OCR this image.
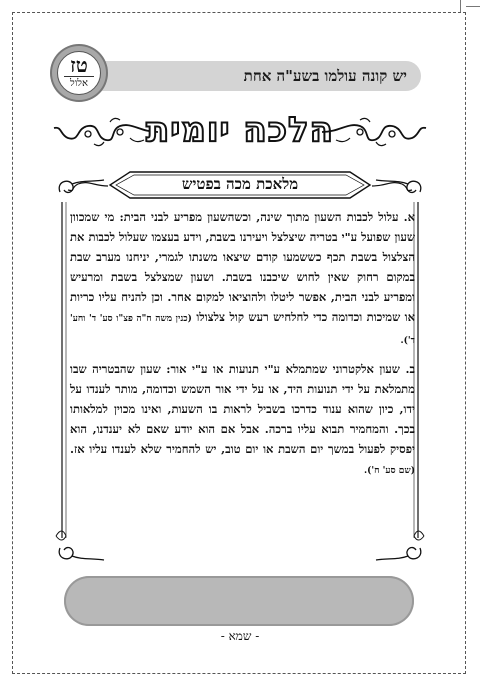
יש קונה עולמו בשע"ה אחת
טז
אלול
הלכה יומית
מלאכת מכה בפטיש

א. עלול לכבות השעון מתוך שינה, וכשהשעון מפריע לבני הבית: מי שמכוון שעון שפועל ע"י בטריה שיצלצל ויעירנו בשבת, וידע בעצמו שעלול לכבות את הצלצול בשבת תכף כששמעו קודם שיצאו משנתו לגמרי, יניחנו מערב שבת במקום רחוק שאין לחוש שיכבנו בשבת. ושעון שמצלצל בשבת ומרעיש ומפריע לבני הבית, אפשר ליטלו ולהוציאו למקום אחר. וכן להניח עליו כריות או שמיכות וכדומה כדי לחלחיש רעש קול צלצולו (כנין משה ח"ה פצ"ו סע' ד' וחע' ד').

ב. שעון אלקטרוני שמתמלא ע"י תנועות או ע"י אור: שעון שהבטריה שבו מתמלאת על ידי תנועות היד, או על ידי אור השמש וכדומה, מותר לענדו על ידו, כיון שהוא ענוד כדרכו בשביל לראות בו השעות, ואינו מכוין למלאותו בכך. והמחמיר תבוא עליו ברכה. אבל אם הוא יודע שאם לא יענדנו, הוא יפסיק לפעול במשך יום השבת או יום טוב, יש להחמיר שלא לענדו עליו אז. (שם סע' ח').

- שמא -
